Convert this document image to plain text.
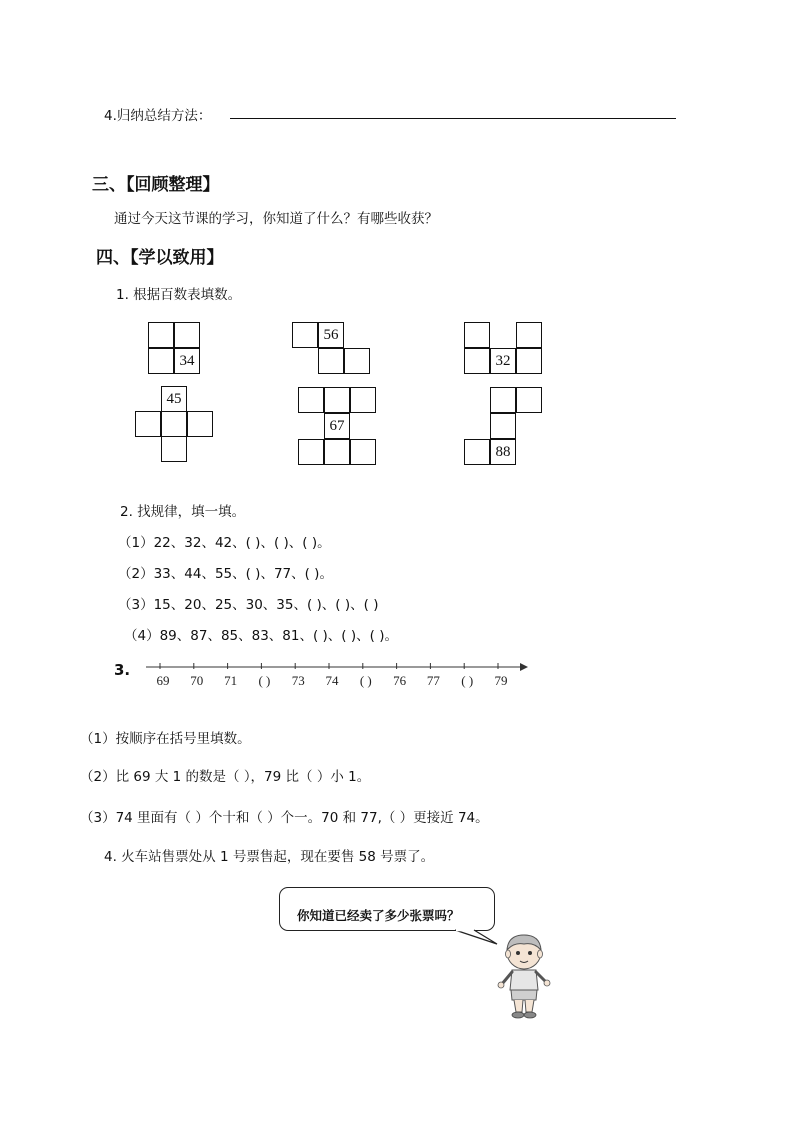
4.归纳总结方法：
三、【回顾整理】
通过今天这节课的学习，你知道了什么？有哪些收获？
四、【学以致用】
1. 根据百数表填数。
34
56
32
45
67
88
2. 找规律，填一填。
（1）22、32、42、( )、( )、( )。
（2）33、44、55、( )、77、( )。
（3）15、20、25、30、35、( )、( )、( )
（4）89、87、85、83、81、( )、( )、( )。
3.
69 70 71 ( ) 73 74 ( ) 76 77 ( ) 79
（1）按顺序在括号里填数。
（2）比 69 大 1 的数是（ ），79 比（ ）小 1。
（3）74 里面有（ ）个十和（ ）个一。70 和 77,（ ）更接近 74。
4. 火车站售票处从 1 号票售起，现在要售 58 号票了。
你知道已经卖了多少张票吗？
